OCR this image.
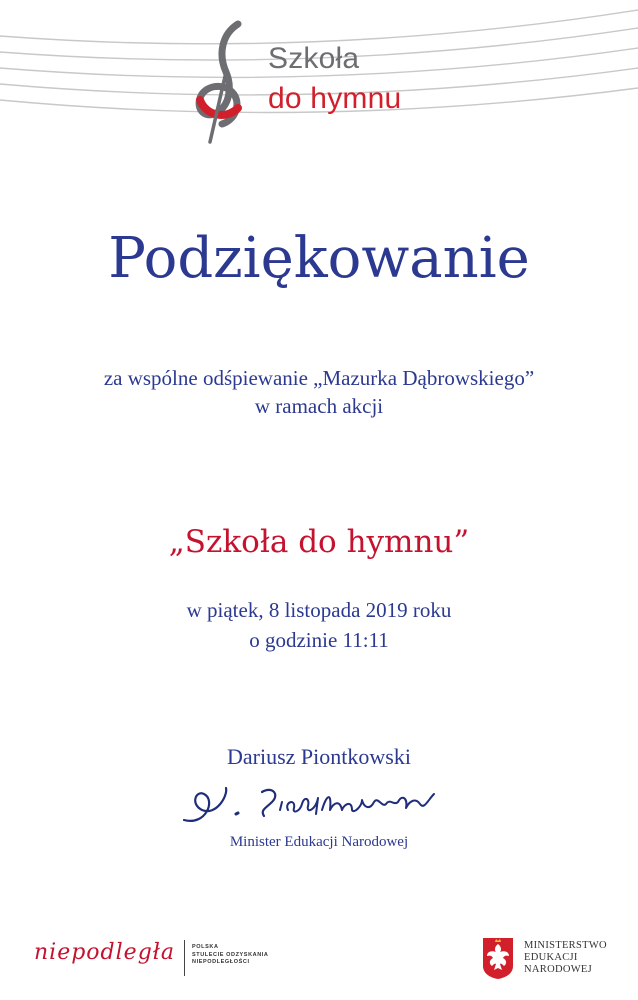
Szkoła
do hymnu
Podziękowanie
za wspólne odśpiewanie „Mazurka Dąbrowskiego”
w ramach akcji
„Szkoła do hymnu”
w piątek, 8 listopada 2019 roku
o godzinie 11:11
Dariusz Piontkowski
Minister Edukacji Narodowej
niepodległa	POLSKA
STULECIE ODZYSKANIA
NIEPODLEGŁOŚCI
MINISTERSTWO
EDUKACJI
NARODOWEJ
